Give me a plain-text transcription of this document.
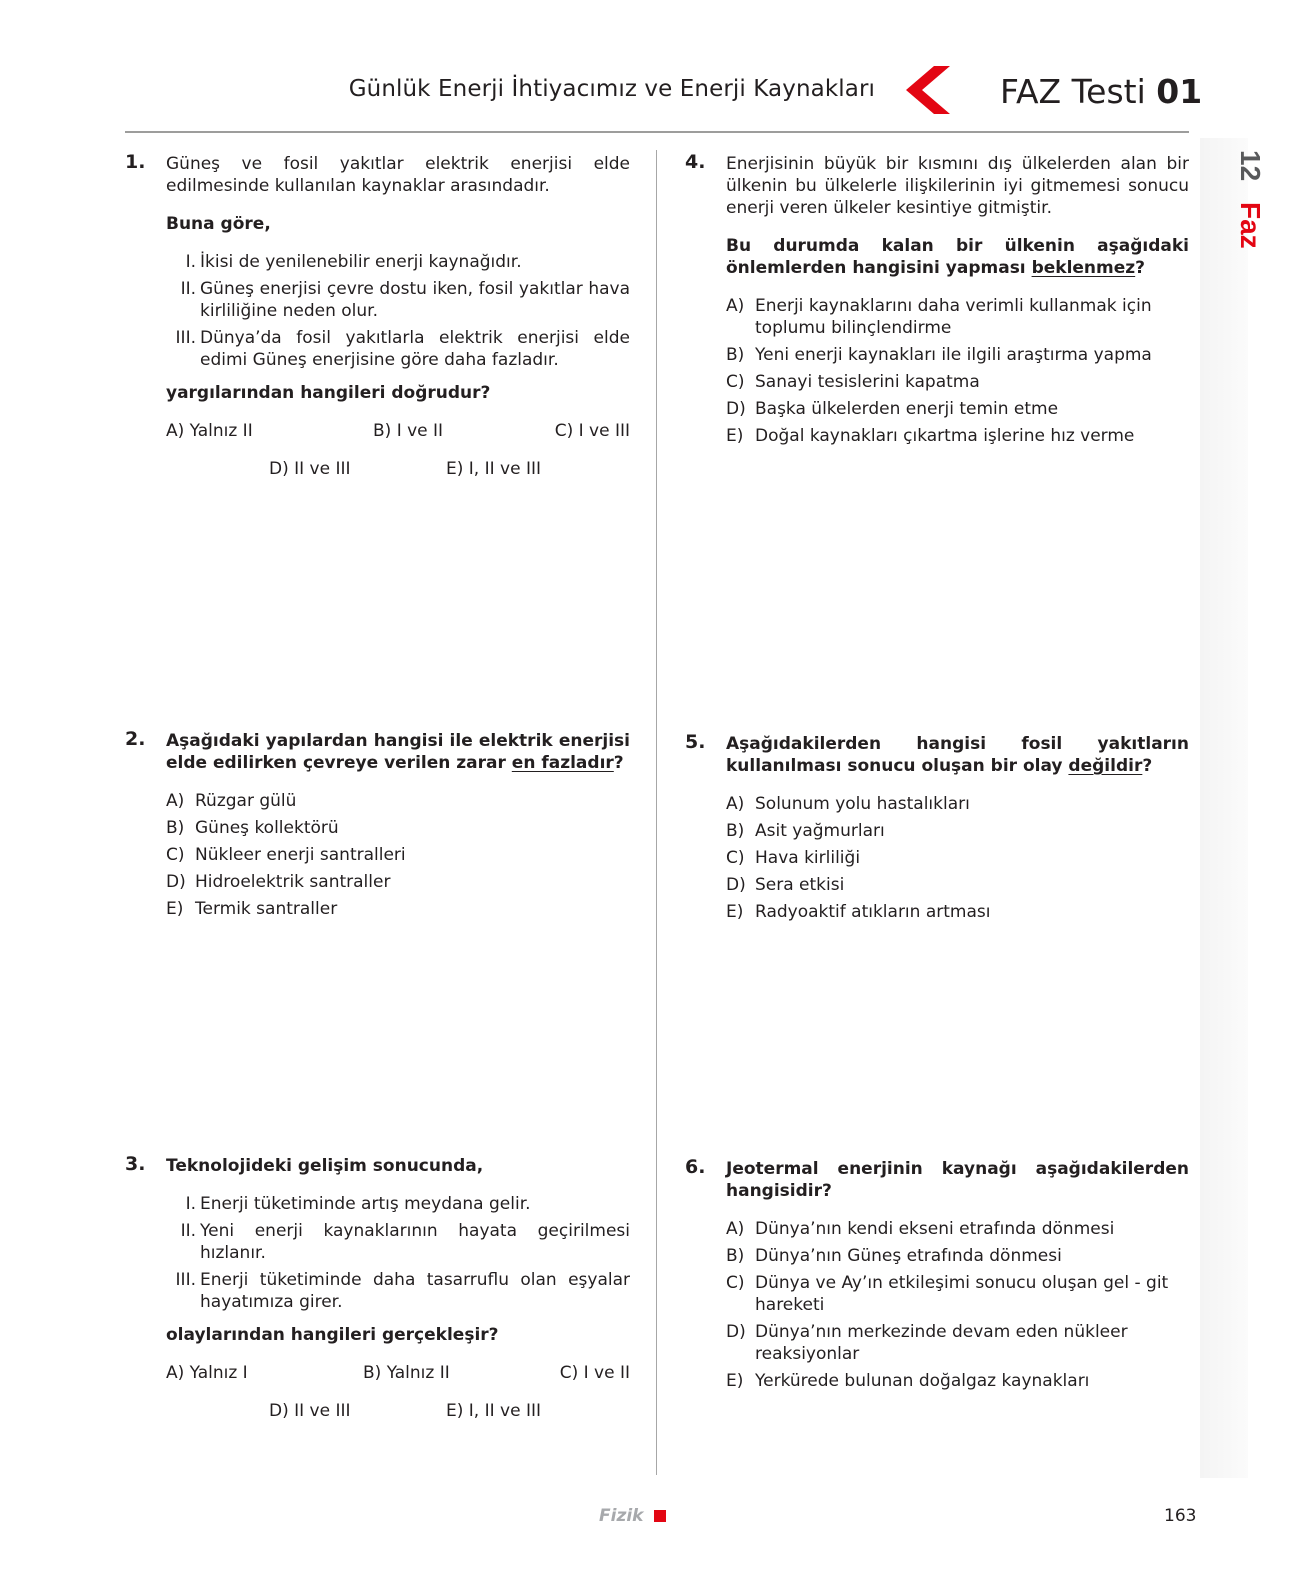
Günlük Enerji İhtiyacımız ve Enerji Kaynakları	FAZ Testi 01
12
Faz
1. Güneş ve fosil yakıtlar elektrik enerjisi elde edilmesinde kullanılan kaynaklar arasındadır.
Buna göre,
I. İkisi de yenilenebilir enerji kaynağıdır.
II. Güneş enerjisi çevre dostu iken, fosil yakıtlar hava kirliliğine neden olur.
III. Dünya’da fosil yakıtlarla elektrik enerjisi elde edimi Güneş enerjisine göre daha fazladır.
yargılarından hangileri doğrudur?
A) Yalnız II	B) I ve II	C) I ve III
D) II ve III	E) I, II ve III
2. Aşağıdaki yapılardan hangisi ile elektrik enerjisi elde edilirken çevreye verilen zarar en fazladır?
A) Rüzgar gülü
B) Güneş kollektörü
C) Nükleer enerji santralleri
D) Hidroelektrik santraller
E) Termik santraller
3. Teknolojideki gelişim sonucunda,
I. Enerji tüketiminde artış meydana gelir.
II. Yeni enerji kaynaklarının hayata geçirilmesi hızlanır.
III. Enerji tüketiminde daha tasarruflu olan eşyalar hayatımıza girer.
olaylarından hangileri gerçekleşir?
A) Yalnız I	B) Yalnız II	C) I ve II
D) II ve III	E) I, II ve III
4. Enerjisinin büyük bir kısmını dış ülkelerden alan bir ülkenin bu ülkelerle ilişkilerinin iyi gitmemesi sonucu enerji veren ülkeler kesintiye gitmiştir.
Bu durumda kalan bir ülkenin aşağıdaki önlemlerden hangisini yapması beklenmez?
A) Enerji kaynaklarını daha verimli kullanmak için toplumu bilinçlendirme
B) Yeni enerji kaynakları ile ilgili araştırma yapma
C) Sanayi tesislerini kapatma
D) Başka ülkelerden enerji temin etme
E) Doğal kaynakları çıkartma işlerine hız verme
5. Aşağıdakilerden hangisi fosil yakıtların kullanılması sonucu oluşan bir olay değildir?
A) Solunum yolu hastalıkları
B) Asit yağmurları
C) Hava kirliliği
D) Sera etkisi
E) Radyoaktif atıkların artması
6. Jeotermal enerjinin kaynağı aşağıdakilerden hangisidir?
A) Dünya’nın kendi ekseni etrafında dönmesi
B) Dünya’nın Güneş etrafında dönmesi
C) Dünya ve Ay’ın etkileşimi sonucu oluşan gel - git hareketi
D) Dünya’nın merkezinde devam eden nükleer reaksiyonlar
E) Yerkürede bulunan doğalgaz kaynakları
Fizik	163
